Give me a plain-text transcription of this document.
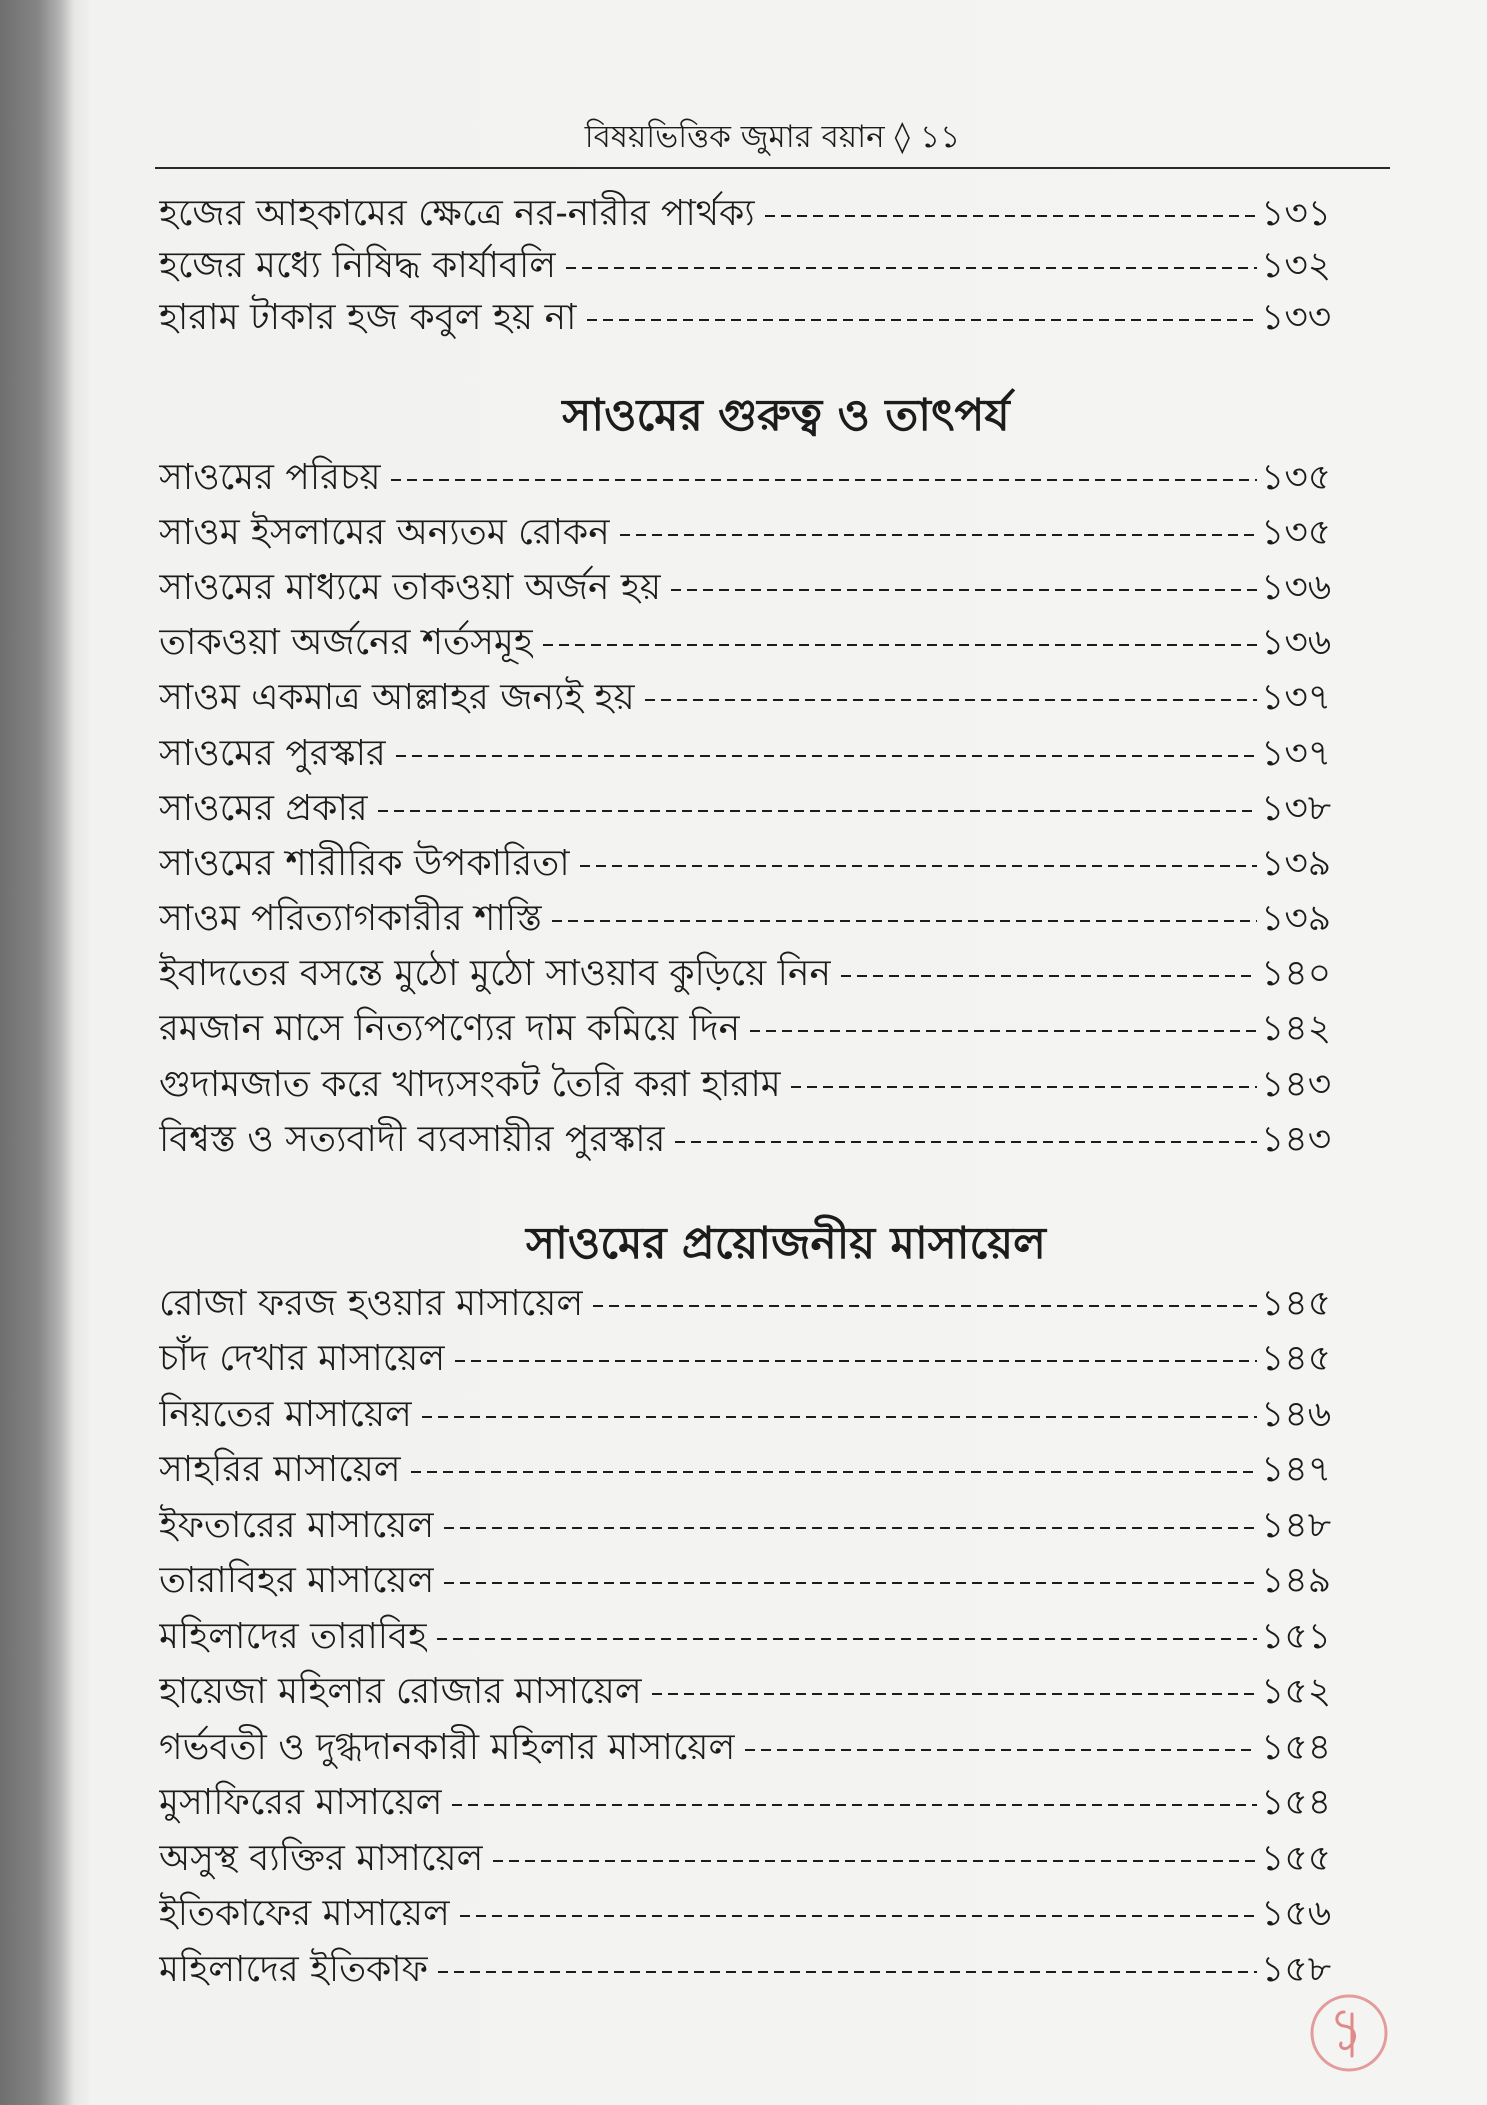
বিষয়ভিত্তিক জুমার বয়ান ◊ ১১
হজের আহকামের ক্ষেত্রে নর-নারীর পার্থক্য	১৩১
হজের মধ্যে নিষিদ্ধ কার্যাবলি	১৩২
হারাম টাকার হজ কবুল হয় না	১৩৩
সাওমের গুরুত্ব ও তাৎপর্য
সাওমের পরিচয়	১৩৫
সাওম ইসলামের অন্যতম রোকন	১৩৫
সাওমের মাধ্যমে তাকওয়া অর্জন হয়	১৩৬
তাকওয়া অর্জনের শর্তসমূহ	১৩৬
সাওম একমাত্র আল্লাহর জন্যই হয়	১৩৭
সাওমের পুরস্কার	১৩৭
সাওমের প্রকার	১৩৮
সাওমের শারীরিক উপকারিতা	১৩৯
সাওম পরিত্যাগকারীর শাস্তি	১৩৯
ইবাদতের বসন্তে মুঠো মুঠো সাওয়াব কুড়িয়ে নিন	১৪০
রমজান মাসে নিত্যপণ্যের দাম কমিয়ে দিন	১৪২
গুদামজাত করে খাদ্যসংকট তৈরি করা হারাম	১৪৩
বিশ্বস্ত ও সত্যবাদী ব্যবসায়ীর পুরস্কার	১৪৩
সাওমের প্রয়োজনীয় মাসায়েল
রোজা ফরজ হওয়ার মাসায়েল	১৪৫
চাঁদ দেখার মাসায়েল	১৪৫
নিয়তের মাসায়েল	১৪৬
সাহরির মাসায়েল	১৪৭
ইফতারের মাসায়েল	১৪৮
তারাবিহর মাসায়েল	১৪৯
মহিলাদের তারাবিহ	১৫১
হায়েজা মহিলার রোজার মাসায়েল	১৫২
গর্ভবতী ও দুগ্ধদানকারী মহিলার মাসায়েল	১৫৪
মুসাফিরের মাসায়েল	১৫৪
অসুস্থ ব্যক্তির মাসায়েল	১৫৫
ইতিকাফের মাসায়েল	১৫৬
মহিলাদের ইতিকাফ	১৫৮
